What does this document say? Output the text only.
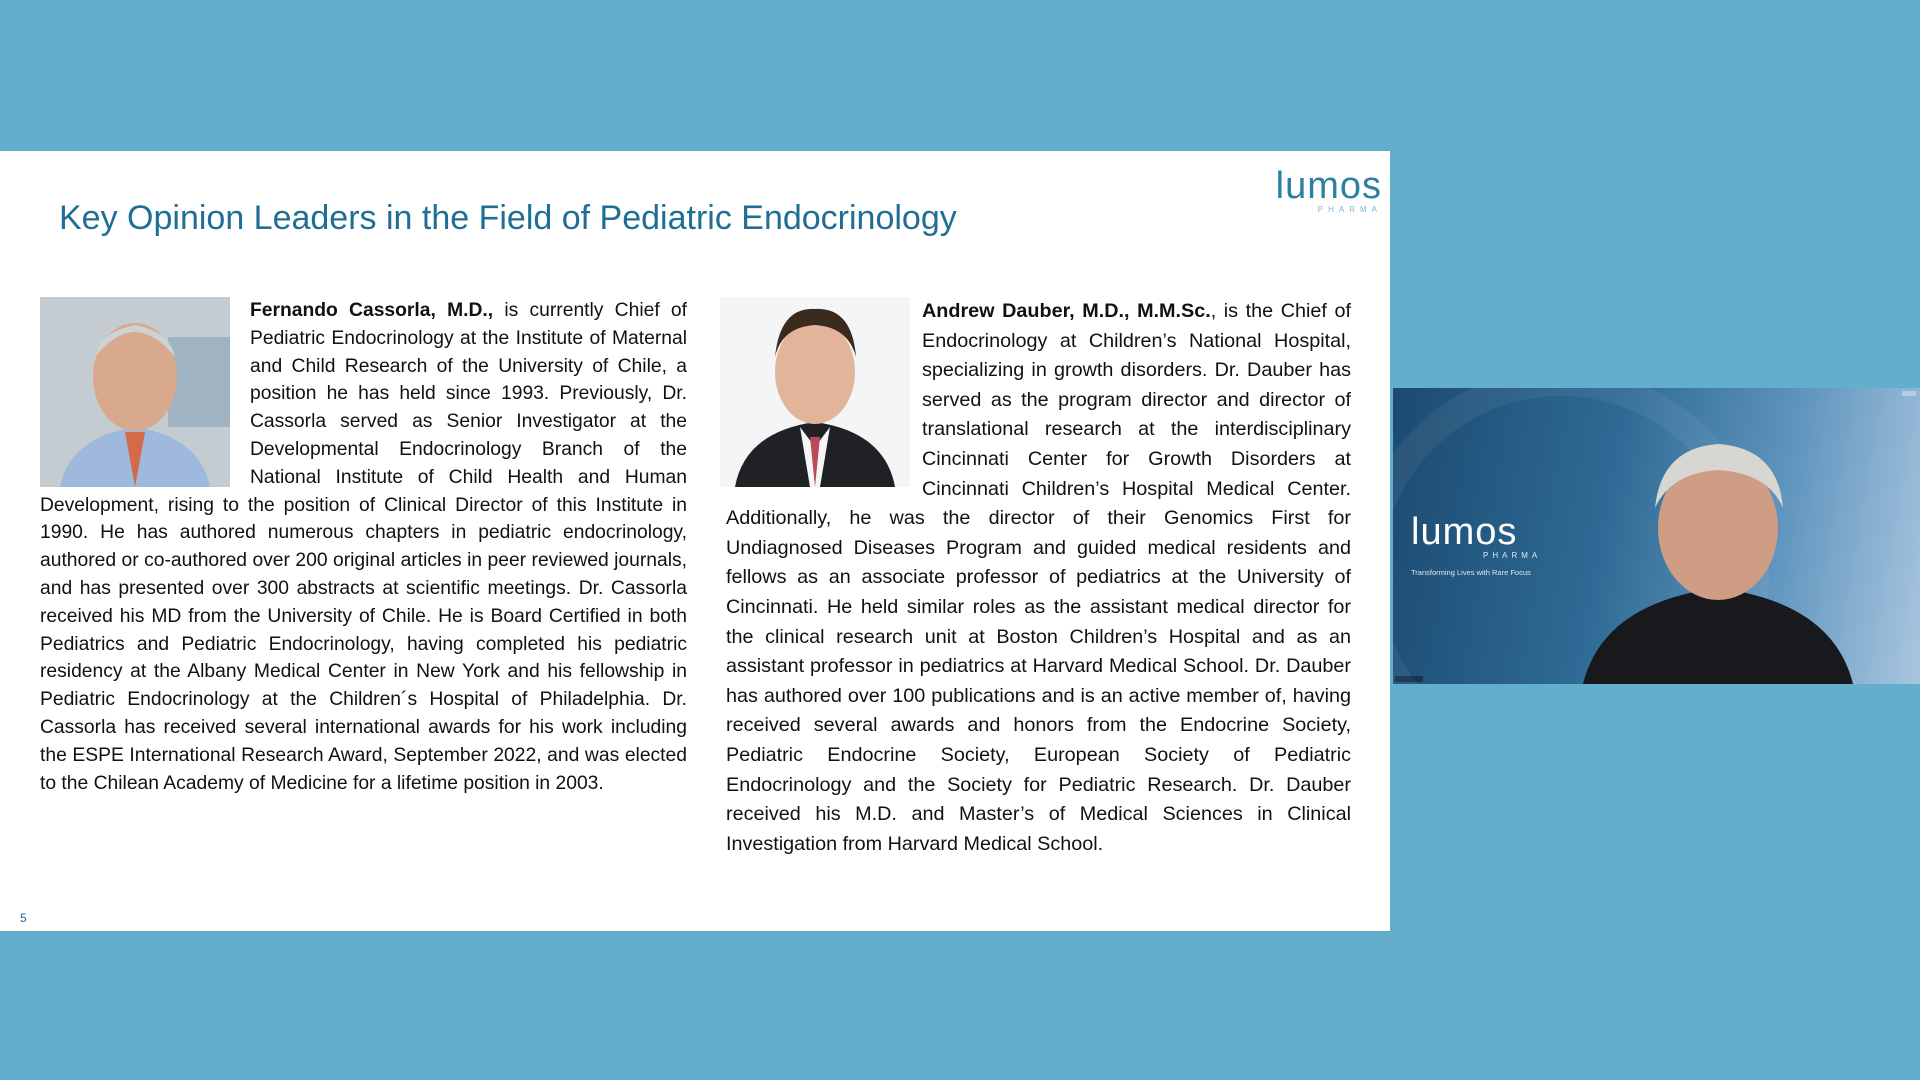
Key Opinion Leaders in the Field of Pediatric Endocrinology
lumos
PHARMA
Fernando Cassorla, M.D., is currently Chief of Pediatric Endocrinology at the Institute of Maternal and Child Research of the University of Chile, a position he has held since 1993. Previously, Dr. Cassorla served as Senior Investigator at the Developmental Endocrinology Branch of the National Institute of Child Health and Human Development, rising to the position of Clinical Director of this Institute in 1990. He has authored numerous chapters in pediatric endocrinology, authored or co-authored over 200 original articles in peer reviewed journals, and has presented over 300 abstracts at scientific meetings. Dr. Cassorla received his MD from the University of Chile. He is Board Certified in both Pediatrics and Pediatric Endocrinology, having completed his pediatric residency at the Albany Medical Center in New York and his fellowship in Pediatric Endocrinology at the Children´s Hospital of Philadelphia. Dr. Cassorla has received several international awards for his work including the ESPE International Research Award, September 2022, and was elected to the Chilean Academy of Medicine for a lifetime position in 2003.
Andrew Dauber, M.D., M.M.Sc., is the Chief of Endocrinology at Children’s National Hospital, specializing in growth disorders. Dr. Dauber has served as the program director and director of translational research at the interdisciplinary Cincinnati Center for Growth Disorders at Cincinnati Children’s Hospital Medical Center. Additionally, he was the director of their Genomics First for Undiagnosed Diseases Program and guided medical residents and fellows as an associate professor of pediatrics at the University of Cincinnati. He held similar roles as the assistant medical director for the clinical research unit at Boston Children’s Hospital and as an assistant professor in pediatrics at Harvard Medical School. Dr. Dauber has authored over 100 publications and is an active member of, having received several awards and honors from the Endocrine Society, Pediatric Endocrine Society, European Society of Pediatric Endocrinology and the Society for Pediatric Research. Dr. Dauber received his M.D. and Master’s of Medical Sciences in Clinical Investigation from Harvard Medical School.
5
lumos
PHARMA
Transforming Lives with Rare Focus
